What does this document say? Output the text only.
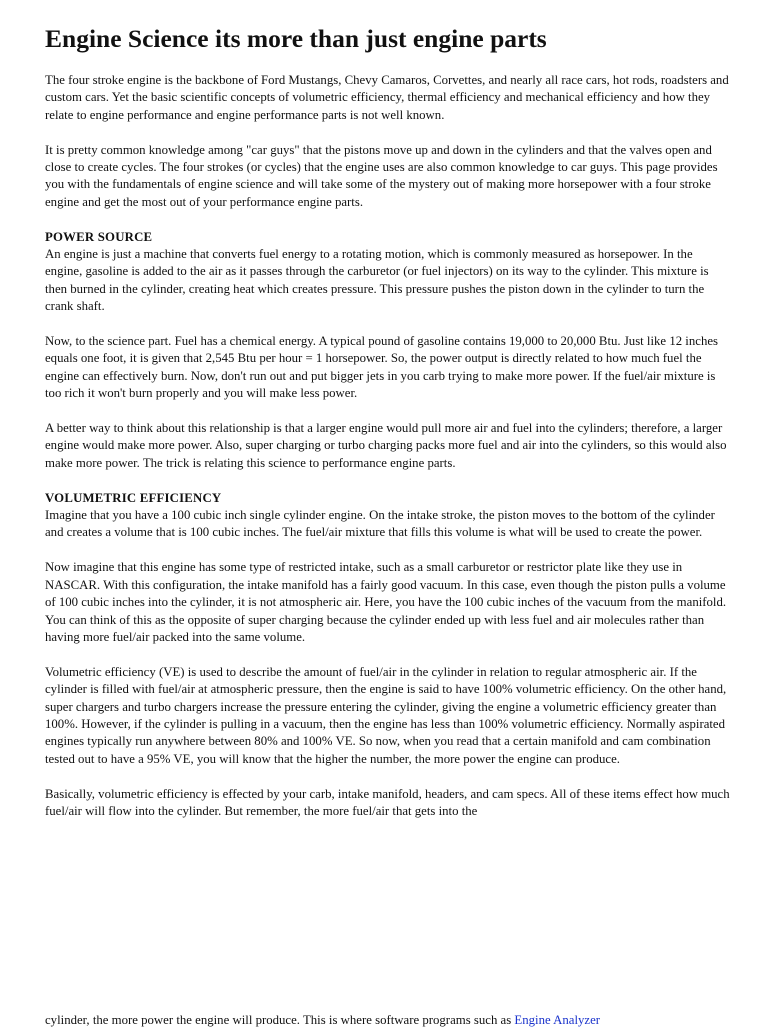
Engine Science its more than just engine parts

The four stroke engine is the backbone of Ford Mustangs, Chevy Camaros, Corvettes, and nearly all race cars, hot rods, roadsters and custom cars. Yet the basic scientific concepts of volumetric efficiency, thermal efficiency and mechanical efficiency and how they relate to engine performance and engine performance parts is not well known.

It is pretty common knowledge among "car guys" that the pistons move up and down in the cylinders and that the valves open and close to create cycles. The four strokes (or cycles) that the engine uses are also common knowledge to car guys. This page provides you with the fundamentals of engine science and will take some of the mystery out of making more horsepower with a four stroke engine and get the most out of your performance engine parts.

POWER SOURCE

An engine is just a machine that converts fuel energy to a rotating motion, which is commonly measured as horsepower. In the engine, gasoline is added to the air as it passes through the carburetor (or fuel injectors) on its way to the cylinder. This mixture is then burned in the cylinder, creating heat which creates pressure. This pressure pushes the piston down in the cylinder to turn the crank shaft.

Now, to the science part. Fuel has a chemical energy. A typical pound of gasoline contains 19,000 to 20,000 Btu. Just like 12 inches equals one foot, it is given that 2,545 Btu per hour = 1 horsepower. So, the power output is directly related to how much fuel the engine can effectively burn. Now, don't run out and put bigger jets in you carb trying to make more power. If the fuel/air mixture is too rich it won't burn properly and you will make less power.

A better way to think about this relationship is that a larger engine would pull more air and fuel into the cylinders; therefore, a larger engine would make more power. Also, super charging or turbo charging packs more fuel and air into the cylinders, so this would also make more power. The trick is relating this science to performance engine parts.

VOLUMETRIC EFFICIENCY

Imagine that you have a 100 cubic inch single cylinder engine. On the intake stroke, the piston moves to the bottom of the cylinder and creates a volume that is 100 cubic inches. The fuel/air mixture that fills this volume is what will be used to create the power.

Now imagine that this engine has some type of restricted intake, such as a small carburetor or restrictor plate like they use in NASCAR. With this configuration, the intake manifold has a fairly good vacuum. In this case, even though the piston pulls a volume of 100 cubic inches into the cylinder, it is not atmospheric air. Here, you have the 100 cubic inches of the vacuum from the manifold. You can think of this as the opposite of super charging because the cylinder ended up with less fuel and air molecules rather than having more fuel/air packed into the same volume.

Volumetric efficiency (VE) is used to describe the amount of fuel/air in the cylinder in relation to regular atmospheric air. If the cylinder is filled with fuel/air at atmospheric pressure, then the engine is said to have 100% volumetric efficiency. On the other hand, super chargers and turbo chargers increase the pressure entering the cylinder, giving the engine a volumetric efficiency greater than 100%. However, if the cylinder is pulling in a vacuum, then the engine has less than 100% volumetric efficiency. Normally aspirated engines typically run anywhere between 80% and 100% VE. So now, when you read that a certain manifold and cam combination tested out to have a 95% VE, you will know that the higher the number, the more power the engine can produce.

Basically, volumetric efficiency is effected by your carb, intake manifold, headers, and cam specs. All of these items effect how much fuel/air will flow into the cylinder. But remember, the more fuel/air that gets into the

cylinder, the more power the engine will produce. This is where software programs such as Engine Analyzer
